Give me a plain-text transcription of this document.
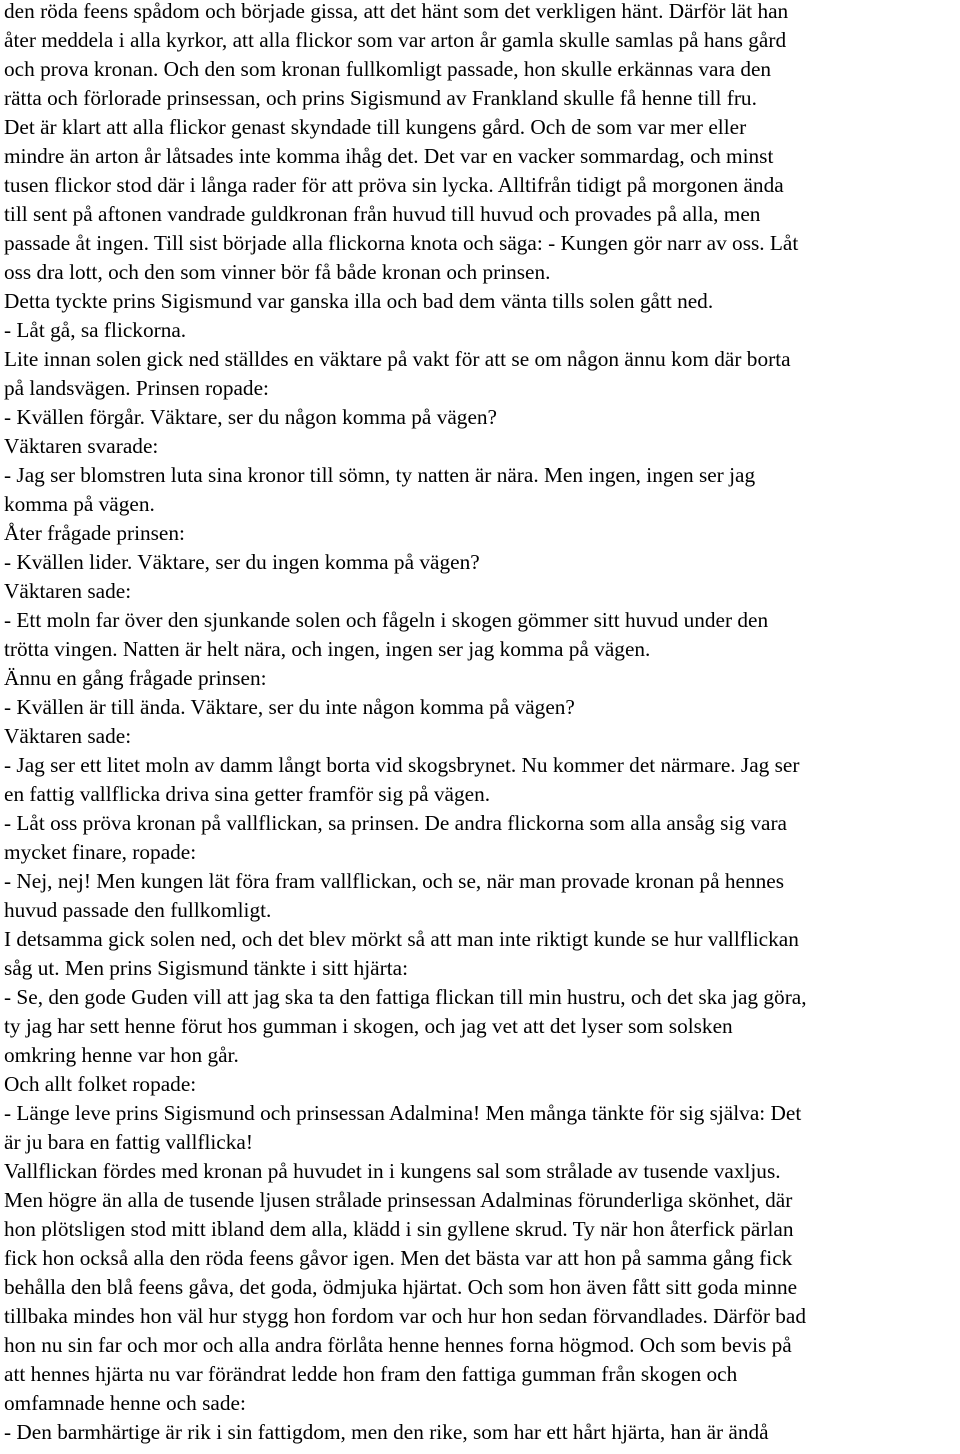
den röda feens spådom och började gissa, att det hänt som det verkligen hänt. Därför lät han
åter meddela i alla kyrkor, att alla flickor som var arton år gamla skulle samlas på hans gård
och prova kronan. Och den som kronan fullkomligt passade, hon skulle erkännas vara den
rätta och förlorade prinsessan, och prins Sigismund av Frankland skulle få henne till fru.
Det är klart att alla flickor genast skyndade till kungens gård. Och de som var mer eller
mindre än arton år låtsades inte komma ihåg det. Det var en vacker sommardag, och minst
tusen flickor stod där i långa rader för att pröva sin lycka. Alltifrån tidigt på morgonen ända
till sent på aftonen vandrade guldkronan från huvud till huvud och provades på alla, men
passade åt ingen. Till sist började alla flickorna knota och säga: - Kungen gör narr av oss. Låt
oss dra lott, och den som vinner bör få både kronan och prinsen.
Detta tyckte prins Sigismund var ganska illa och bad dem vänta tills solen gått ned.
- Låt gå, sa flickorna.
Lite innan solen gick ned ställdes en väktare på vakt för att se om någon ännu kom där borta
på landsvägen. Prinsen ropade:
- Kvällen förgår. Väktare, ser du någon komma på vägen?
Väktaren svarade:
- Jag ser blomstren luta sina kronor till sömn, ty natten är nära. Men ingen, ingen ser jag
komma på vägen.
Åter frågade prinsen:
- Kvällen lider. Väktare, ser du ingen komma på vägen?
Väktaren sade:
- Ett moln far över den sjunkande solen och fågeln i skogen gömmer sitt huvud under den
trötta vingen. Natten är helt nära, och ingen, ingen ser jag komma på vägen.
Ännu en gång frågade prinsen:
- Kvällen är till ända. Väktare, ser du inte någon komma på vägen?
Väktaren sade:
- Jag ser ett litet moln av damm långt borta vid skogsbrynet. Nu kommer det närmare. Jag ser
en fattig vallflicka driva sina getter framför sig på vägen.
- Låt oss pröva kronan på vallflickan, sa prinsen. De andra flickorna som alla ansåg sig vara
mycket finare, ropade:
- Nej, nej! Men kungen lät föra fram vallflickan, och se, när man provade kronan på hennes
huvud passade den fullkomligt.
I detsamma gick solen ned, och det blev mörkt så att man inte riktigt kunde se hur vallflickan
såg ut. Men prins Sigismund tänkte i sitt hjärta:
- Se, den gode Guden vill att jag ska ta den fattiga flickan till min hustru, och det ska jag göra,
ty jag har sett henne förut hos gumman i skogen, och jag vet att det lyser som solsken
omkring henne var hon går.
Och allt folket ropade:
- Länge leve prins Sigismund och prinsessan Adalmina! Men många tänkte för sig själva: Det
är ju bara en fattig vallflicka!
Vallflickan fördes med kronan på huvudet in i kungens sal som strålade av tusende vaxljus.
Men högre än alla de tusende ljusen strålade prinsessan Adalminas förunderliga skönhet, där
hon plötsligen stod mitt ibland dem alla, klädd i sin gyllene skrud. Ty när hon återfick pärlan
fick hon också alla den röda feens gåvor igen. Men det bästa var att hon på samma gång fick
behålla den blå feens gåva, det goda, ödmjuka hjärtat. Och som hon även fått sitt goda minne
tillbaka mindes hon väl hur stygg hon fordom var och hur hon sedan förvandlades. Därför bad
hon nu sin far och mor och alla andra förlåta henne hennes forna högmod. Och som bevis på
att hennes hjärta nu var förändrat ledde hon fram den fattiga gumman från skogen och
omfamnade henne och sade:
- Den barmhärtige är rik i sin fattigdom, men den rike, som har ett hårt hjärta, han är ändå
